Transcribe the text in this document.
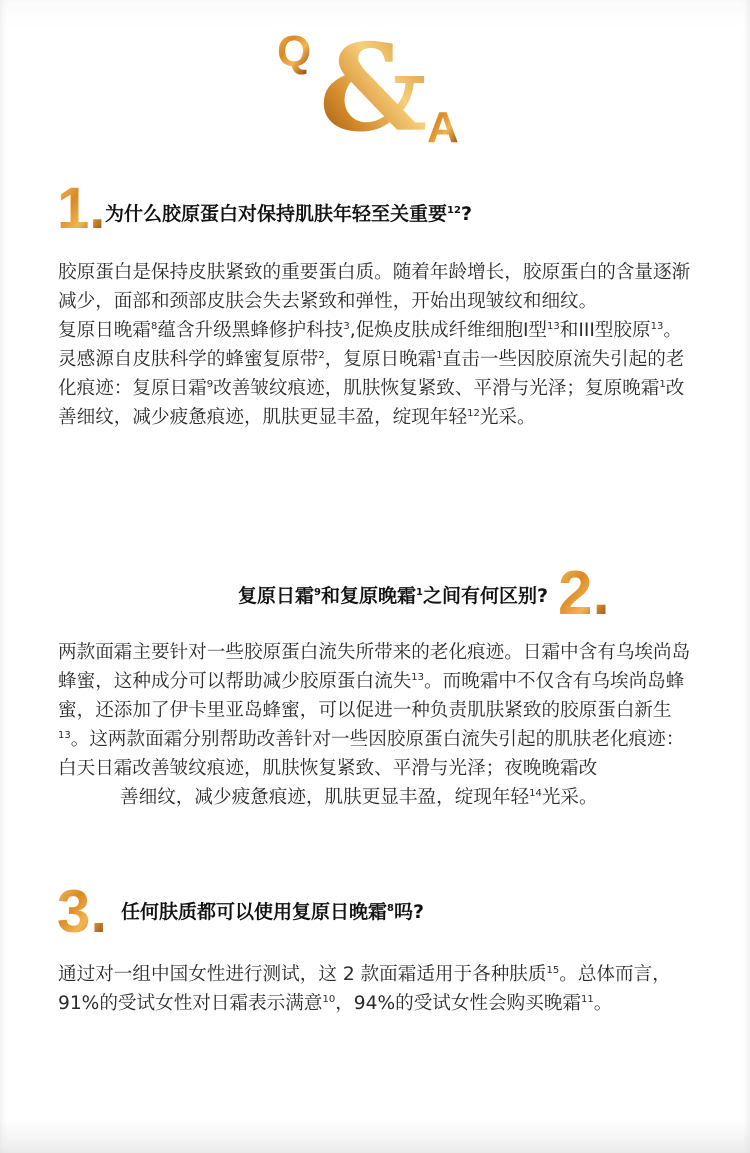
Q & A
1. 为什么胶原蛋白对保持肌肤年轻至关重要$^{12}$?

胶原蛋白是保持皮肤紧致的重要蛋白质。随着年龄增长，胶原蛋白的含量逐渐减少，面部和颈部皮肤会失去紧致和弹性，开始出现皱纹和细纹。

复原日晚霜$^8$蕴含升级黑蜂修护科技$^3$,促焕皮肤成纤维细胞I型$^{13}$和III型胶原$^{13}$。

灵感源自皮肤科学的蜂蜜复原带$^2$，复原日晚霜$^1$直击一些因胶原流失引起的老化痕迹：复原日霜$^9$改善皱纹痕迹，肌肤恢复紧致、平滑与光泽；复原晚霜$^1$改善细纹，减少疲惫痕迹，肌肤更显丰盈，绽现年轻$^{12}$光采。

复原日霜$^9$和复原晚霜$^1$之间有何区别? 2.

两款面霜主要针对一些胶原蛋白流失所带来的老化痕迹。日霜中含有乌埃尚岛蜂蜜，这种成分可以帮助减少胶原蛋白流失$^{13}$。而晚霜中不仅含有乌埃尚岛蜂蜜，还添加了伊卡里亚岛蜂蜜，可以促进一种负责肌肤紧致的胶原蛋白新生$^{13}$。这两款面霜分别帮助改善针对一些因胶原蛋白流失引起的肌肤老化痕迹：白天日霜改善皱纹痕迹，肌肤恢复紧致、平滑与光泽；夜晚晚霜改

善细纹，减少疲惫痕迹，肌肤更显丰盈，绽现年轻$^{14}$光采。

3. 任何肤质都可以使用复原日晚霜$^8$吗?

通过对一组中国女性进行测试，这 2 款面霜适用于各种肤质$^{15}$。总体而言，91%的受试女性对日霜表示满意$^{10}$，94%的受试女性会购买晚霜$^{11}$。
